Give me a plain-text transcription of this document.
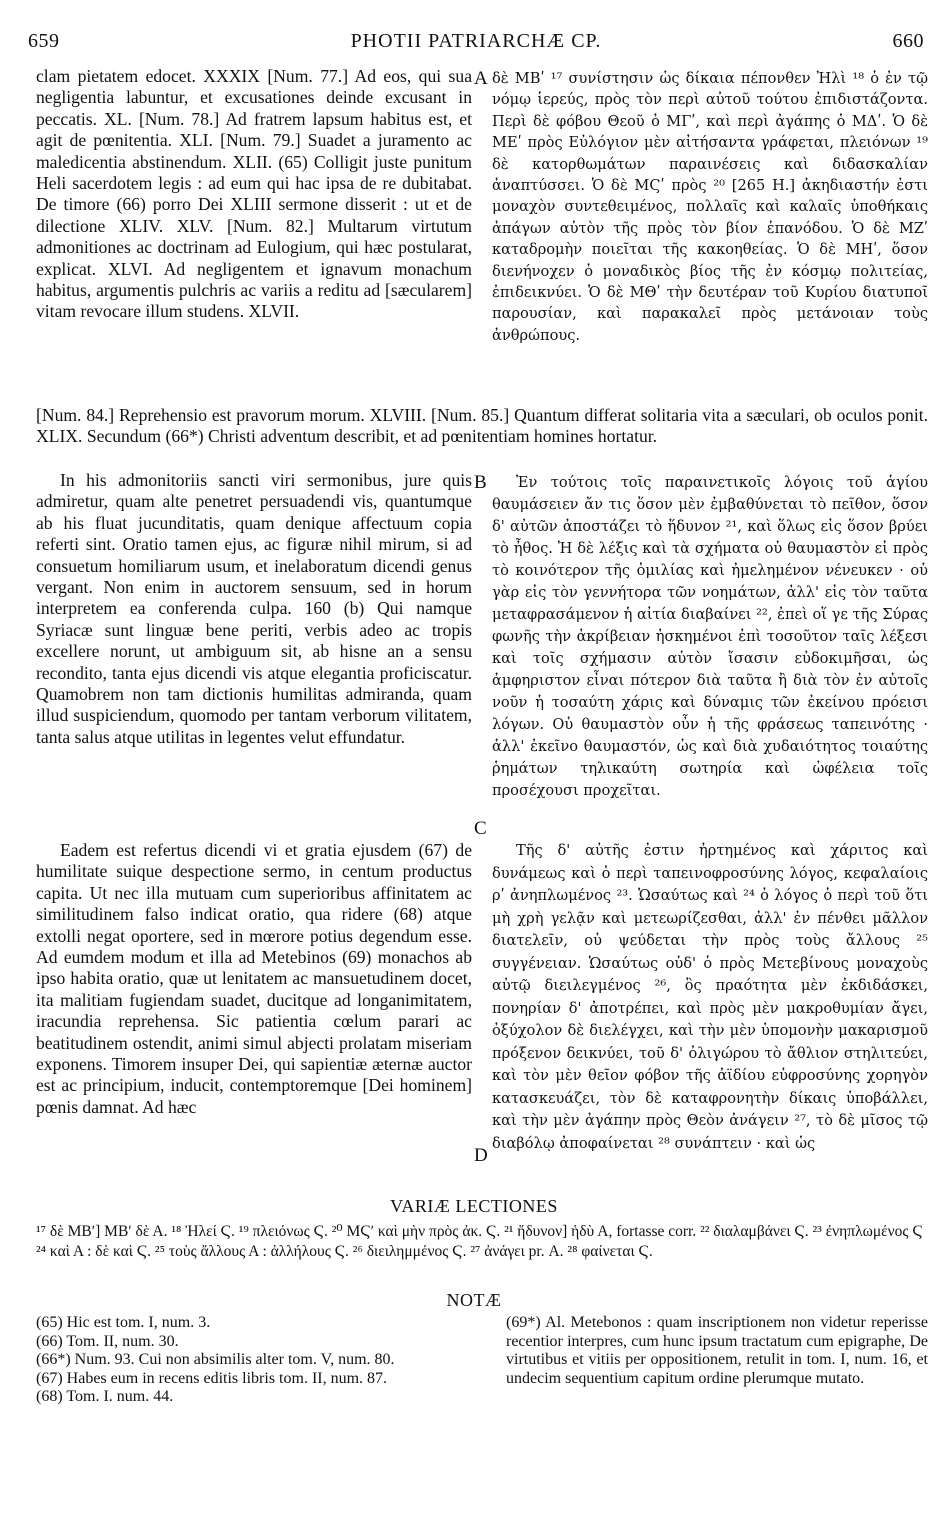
659	PHOTII PATRIARCHÆ CP.	660

clam pietatem edocet. XXXIX [Num. 77.] Ad eos, qui sua negligentia labuntur, et excusationes deinde excusant in peccatis. XL. [Num. 78.] Ad fratrem lapsum habitus est, et agit de pœnitentia. XLI. [Num. 79.] Suadet a juramento ac maledicentia abstinendum. XLII. (65) Colligit juste punitum Heli sacerdotem legis : ad eum qui hac ipsa de re dubitabat. De timore (66) porro Dei XLIII sermone disserit : ut et de dilectione XLIV. XLV. [Num. 82.] Multarum virtutum admonitiones ac doctrinam ad Eulogium, qui hæc postularat, explicat. XLVI. Ad negligentem et ignavum monachum habitus, argumentis pulchris ac variis a reditu ad [sæcularem] vitam revocare illum studens. XLVII.

A δὲ ΜΒʹ ¹⁷ συνίστησιν ὡς δίκαια πέπονθεν Ἠλὶ ¹⁸ ὁ ἐν τῷ νόμῳ ἱερεύς, πρὸς τὸν περὶ αὐτοῦ τούτου ἐπιδιστάζοντα. Περὶ δὲ φόβου Θεοῦ ὁ ΜΓʹ, καὶ περὶ ἀγάπης ὁ ΜΔʹ. Ὁ δὲ ΜΕʹ πρὸς Εὐλόγιον μὲν αἰτήσαντα γράφεται, πλειόνων ¹⁹ δὲ κατορθωμάτων παραινέσεις καὶ διδασκαλίαν ἀναπτύσσει. Ὁ δὲ ΜϚʹ πρὸς ²⁰ [265 Η.] ἀκηδιαστήν ἐστι μοναχὸν συντεθειμένος, πολλαῖς καὶ καλαῖς ὑποθήκαις ἀπάγων αὐτὸν τῆς πρὸς τὸν βίον ἐπανόδου. Ὁ δὲ ΜΖʹ καταδρομὴν ποιεῖται τῆς κακοηθείας. Ὁ δὲ ΜΗʹ, ὅσον διενήνοχεν ὁ μοναδικὸς βίος τῆς ἐν κόσμῳ πολιτείας, ἐπιδεικνύει. Ὁ δὲ ΜΘʹ τὴν δευτέραν τοῦ Κυρίου διατυποῖ παρουσίαν, καὶ παρακαλεῖ πρὸς μετάνοιαν τοὺς ἀνθρώπους.

[Num. 84.] Reprehensio est pravorum morum. XLVIII. [Num. 85.] Quantum differat solitaria vita a sæculari, ob oculos ponit. XLIX. Secundum (66*) Christi adventum describit, et ad pœnitentiam homines hortatur.

In his admonitoriis sancti viri sermonibus, jure quis admiretur, quam alte penetret persuadendi vis, quantumque ab his fluat jucunditatis, quam denique affectuum copia referti sint. Oratio tamen ejus, ac figuræ nihil mirum, si ad consuetum homiliarum usum, et inelaboratum dicendi genus vergant. Non enim in auctorem sensuum, sed in horum interpretem ea conferenda culpa. 160 (b) Qui namque Syriacæ sunt linguæ bene periti, verbis adeo ac tropis excellere norunt, ut ambiguum sit, ab hisne an a sensu recondito, tanta ejus dicendi vis atque elegantia proficiscatur. Quamobrem non tam dictionis humilitas admiranda, quam illud suspiciendum, quomodo per tantam verborum vilitatem, tanta salus atque utilitas in legentes velut effundatur.

B	Ἐν τούτοις τοῖς παραινετικοῖς λόγοις τοῦ ἁγίου θαυμάσειεν ἄν τις ὅσον μὲν ἐμβαθύνεται τὸ πεῖθον, ὅσον δ' αὐτῶν ἀποστάζει τὸ ἥδυνον ²¹, καὶ ὅλως εἰς ὅσον βρύει τὸ ἦθος. Ἡ δὲ λέξις καὶ τὰ σχήματα οὐ θαυμαστὸν εἰ πρὸς τὸ κοινότερον τῆς ὁμιλίας καὶ ἠμελημένον νένευκεν · οὐ γὰρ εἰς τὸν γεννήτορα τῶν νοημάτων, ἀλλ' εἰς τὸν ταῦτα μεταφρασάμενον ἡ αἰτία διαβαίνει ²², ἐπεὶ οἵ γε τῆς Σύρας φωνῆς τὴν ἀκρίβειαν ἠσκημένοι ἐπὶ τοσοῦτον ταῖς λέξεσι καὶ τοῖς σχήμασιν αὐτὸν ἴσασιν εὐδοκιμῆσαι, ὡς ἀμφηριστον εἶναι πότερον διὰ ταῦτα ἢ διὰ τὸν ἐν αὐτοῖς νοῦν ἡ τοσαύτη χάρις καὶ δύναμις τῶν ἐκείνου πρόεισι λόγων. Οὐ θαυμαστὸν οὖν ἡ τῆς φράσεως ταπεινότης · ἀλλ' ἐκεῖνο θαυμαστόν, ὡς καὶ διὰ χυδαιότητος τοιαύτης ῥημάτων τηλικαύτη σωτηρία καὶ ὠφέλεια τοῖς προσέχουσι προχεῖται.

C

Eadem est refertus dicendi vi et gratia ejusdem (67) de humilitate suique despectione sermo, in centum productus capita. Ut nec illa mutuam cum superioribus affinitatem ac similitudinem falso indicat oratio, qua ridere (68) atque extolli negat oportere, sed in mœrore potius degendum esse. Ad eumdem modum et illa ad Metebinos (69) monachos ab ipso habita oratio, quæ ut lenitatem ac mansuetudinem docet, ita malitiam fugiendam suadet, ducitque ad longanimitatem, iracundia reprehensa. Sic patientia cœlum parari ac beatitudinem ostendit, animi simul abjecti prolatam miseriam exponens. Timorem insuper Dei, qui sapientiæ æternæ auctor est ac principium, inducit, contemptoremque [Dei hominem] pœnis damnat. Ad hæc

Τῆς δ' αὐτῆς ἐστιν ἠρτημένος καὶ χάριτος καὶ δυνάμεως καὶ ὁ περὶ ταπεινοφροσύνης λόγος, κεφαλαίοις ρʹ ἀνηπλωμένος ²³. Ὡσαύτως καὶ ²⁴ ὁ λόγος ὁ περὶ τοῦ ὅτι μὴ χρὴ γελᾷν καὶ μετεωρίζεσθαι, ἀλλ' ἐν πένθει μᾶλλον διατελεῖν, οὐ ψεύδεται τὴν πρὸς τοὺς ἄλλους ²⁵ συγγένειαν. Ὡσαύτως οὐδ' ὁ πρὸς Μετεβίνους μοναχοὺς αὐτῷ διειλεγμένος ²⁶, ὃς πραότητα μὲν ἐκδιδάσκει, πονηρίαν δ' ἀποτρέπει, καὶ πρὸς μὲν μακροθυμίαν ἄγει, ὀξύχολον δὲ διελέγχει, καὶ τὴν μὲν ὑπομονὴν μακαρισμοῦ πρόξενον δεικνύει, τοῦ δ' ὀλιγώρου τὸ ἄθλιον στηλιτεύει, καὶ τὸν μὲν θεῖον φόβον τῆς ἀϊδίου εὐφροσύνης χορηγὸν κατασκευάζει, τὸν δὲ καταφρονητὴν δίκαις ὑποβάλλει, καὶ τὴν μὲν ἀγάπην πρὸς Θεὸν ἀνάγειν ²⁷, τὸ δὲ μῖσος τῷ διαβόλῳ ἀποφαίνεται ²⁸ συνάπτειν · καὶ ὡς

D
VARIÆ LECTIONES
¹⁷ δὲ ΜΒʹ] ΜΒʹ δὲ Α. ¹⁸ Ἠλεί Ϛ. ¹⁹ πλειόνως Ϛ. ²⁰ ΜϚʹ καὶ μὴν πρὸς ἀκ. Ϛ. ²¹ ἥδυνον] ἡδὺ Α, fortasse corr. ²² διαλαμβάνει Ϛ. ²³ ἐνηπλωμένος Ϛ ²⁴ καὶ Α : δὲ καὶ Ϛ. ²⁵ τοὺς ἄλλους Α : ἀλλήλους Ϛ. ²⁶ διειλημμένος Ϛ. ²⁷ ἀνάγει pr. Α. ²⁸ φαίνεται Ϛ.
NOTÆ
(65) Hic est tom. I, num. 3.
(66) Tom. II, num. 30.
(66*) Num. 93. Cui non absimilis alter tom. V, num. 80.
(67) Habes eum in recens editis libris tom. II, num. 87.
(68) Tom. I. num. 44.
(69*) Al. Metebonos : quam inscriptionem non videtur reperisse recentior interpres, cum hunc ipsum tractatum cum epigraphe, De virtutibus et vitiis per oppositionem, retulit in tom. I, num. 16, et undecim sequentium capitum ordine plerumque mutato.
